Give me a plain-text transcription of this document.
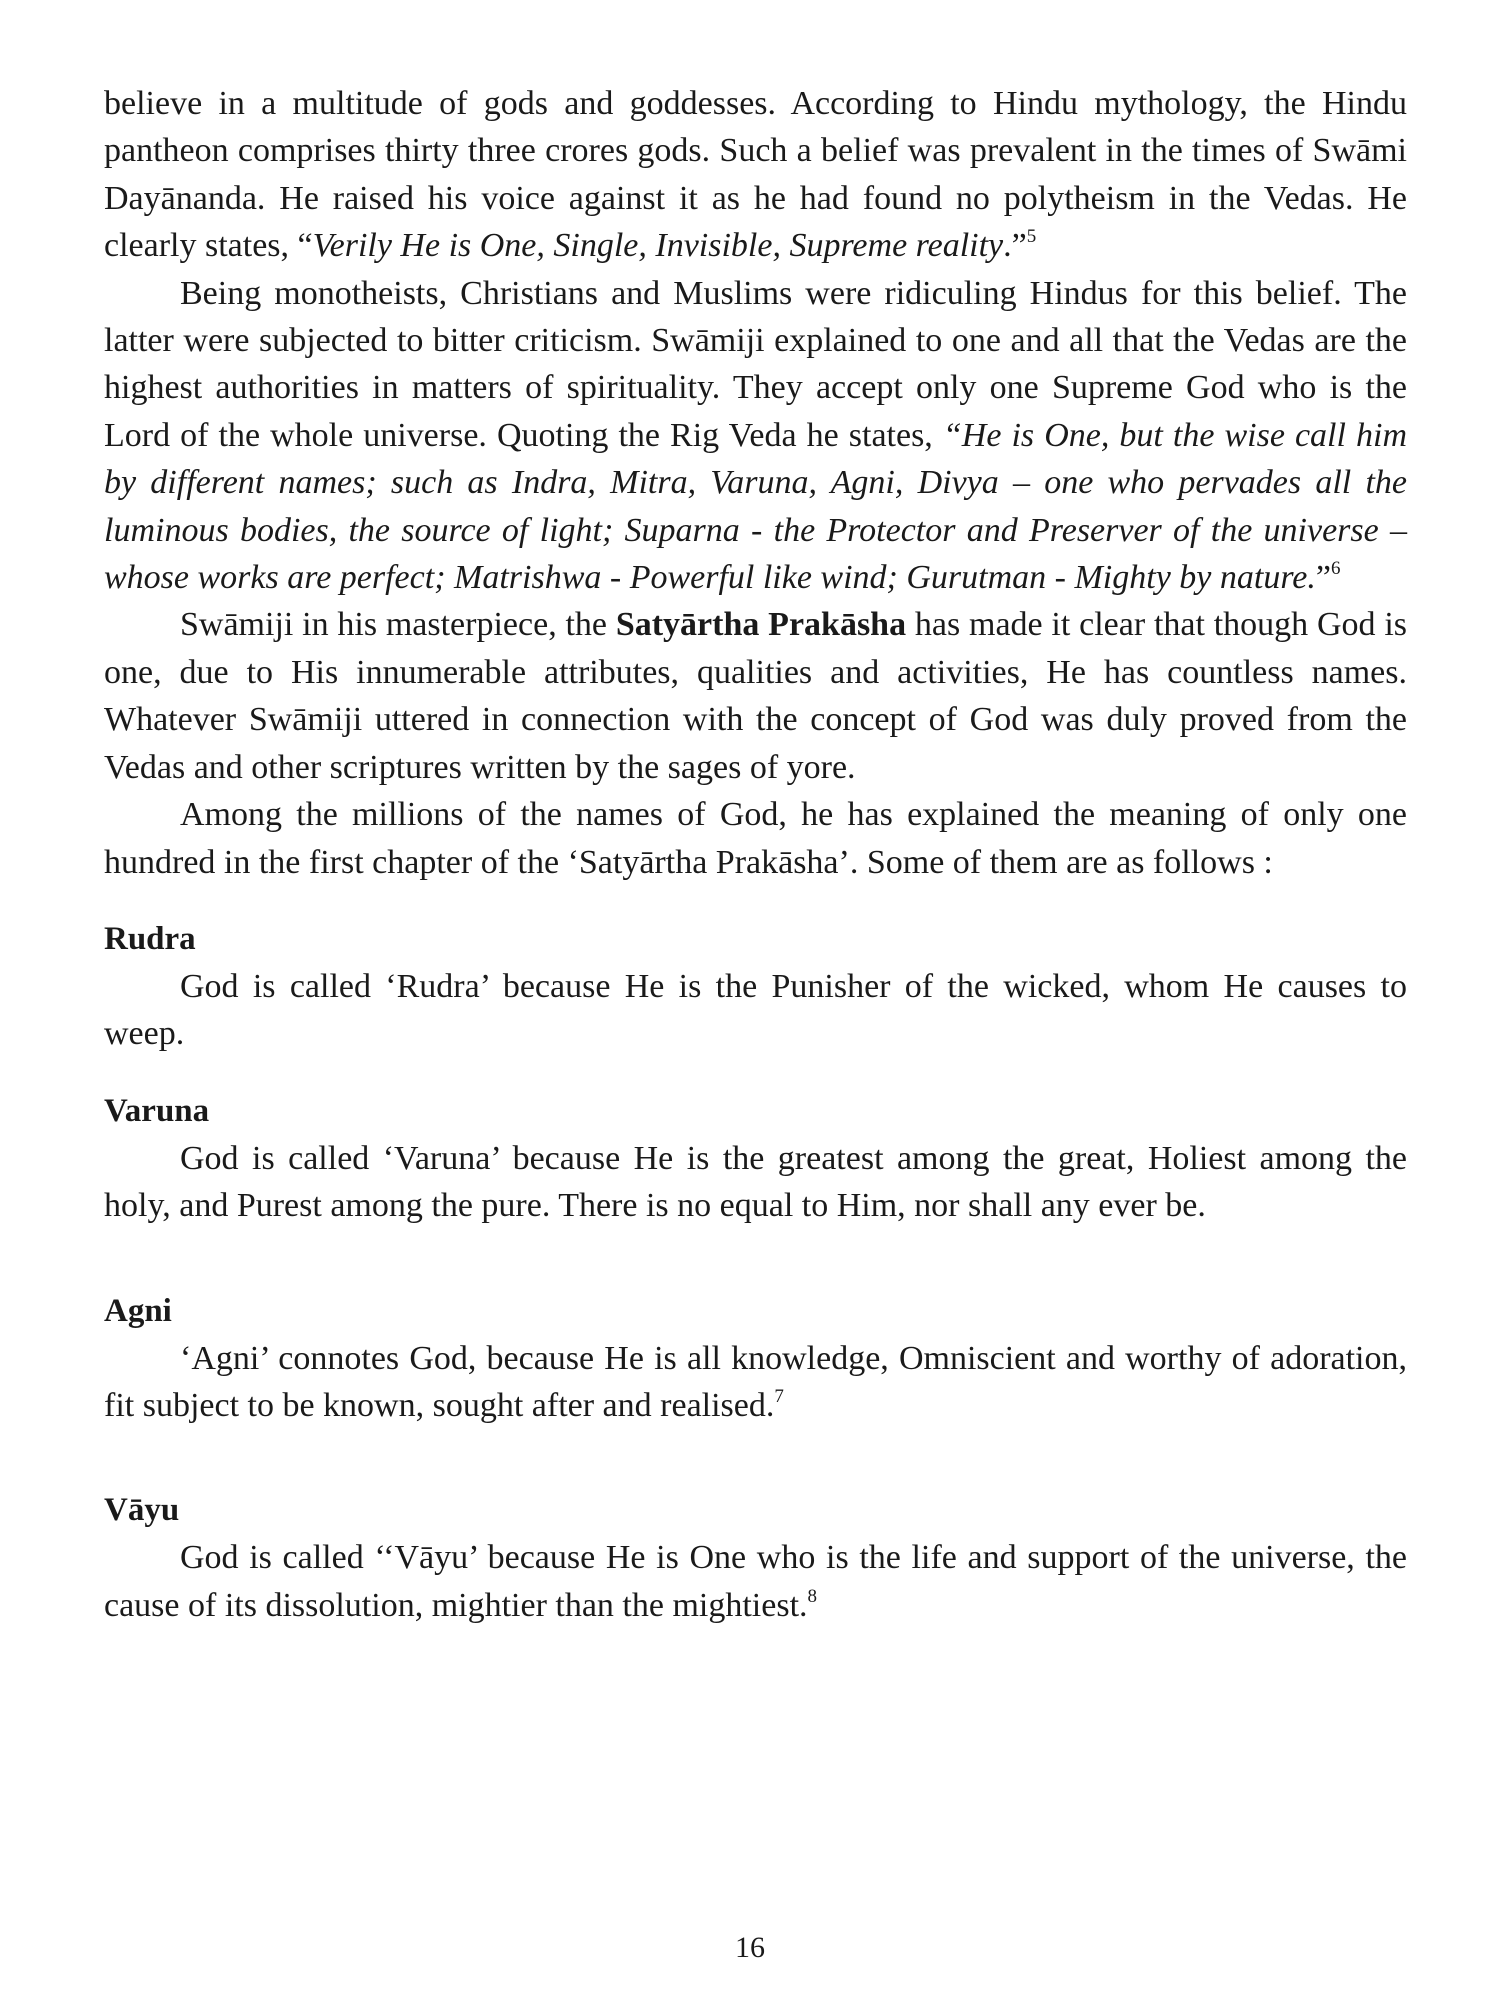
believe in a multitude of gods and goddesses. According to Hindu mythology, the Hindu pantheon comprises thirty three crores gods. Such a belief was prevalent in the times of Swāmi Dayānanda. He raised his voice against it as he had found no polytheism in the Vedas. He clearly states, “Verily He is One, Single, Invisible, Supreme reality.”$^5$

Being monotheists, Christians and Muslims were ridiculing Hindus for this belief. The latter were subjected to bitter criticism. Swāmiji explained to one and all that the Vedas are the highest authorities in matters of spirituality. They accept only one Supreme God who is the Lord of the whole universe. Quoting the Rig Veda he states, “He is One, but the wise call him by different names; such as Indra, Mitra, Varuna, Agni, Divya – one who pervades all the luminous bodies, the source of light; Suparna - the Protector and Preserver of the universe – whose works are perfect; Matrishwa - Powerful like wind; Gurutman - Mighty by nature.”$^6$

Swāmiji in his masterpiece, the Satyārtha Prakāsha has made it clear that though God is one, due to His innumerable attributes, qualities and activities, He has countless names. Whatever Swāmiji uttered in connection with the concept of God was duly proved from the Vedas and other scriptures written by the sages of yore.

Among the millions of the names of God, he has explained the meaning of only one hundred in the first chapter of the ‘Satyārtha Prakāsha’. Some of them are as follows :

Rudra

God is called ‘Rudra’ because He is the Punisher of the wicked, whom He causes to weep.

Varuna

God is called ‘Varuna’ because He is the greatest among the great, Holiest among the holy, and Purest among the pure. There is no equal to Him, nor shall any ever be.

Agni

‘Agni’ connotes God, because He is all knowledge, Omniscient and worthy of adoration, fit subject to be known, sought after and realised.$^7$

Vāyu

God is called ‘‘Vāyu’ because He is One who is the life and support of the universe, the cause of its dissolution, mightier than the mightiest.$^8$

16
